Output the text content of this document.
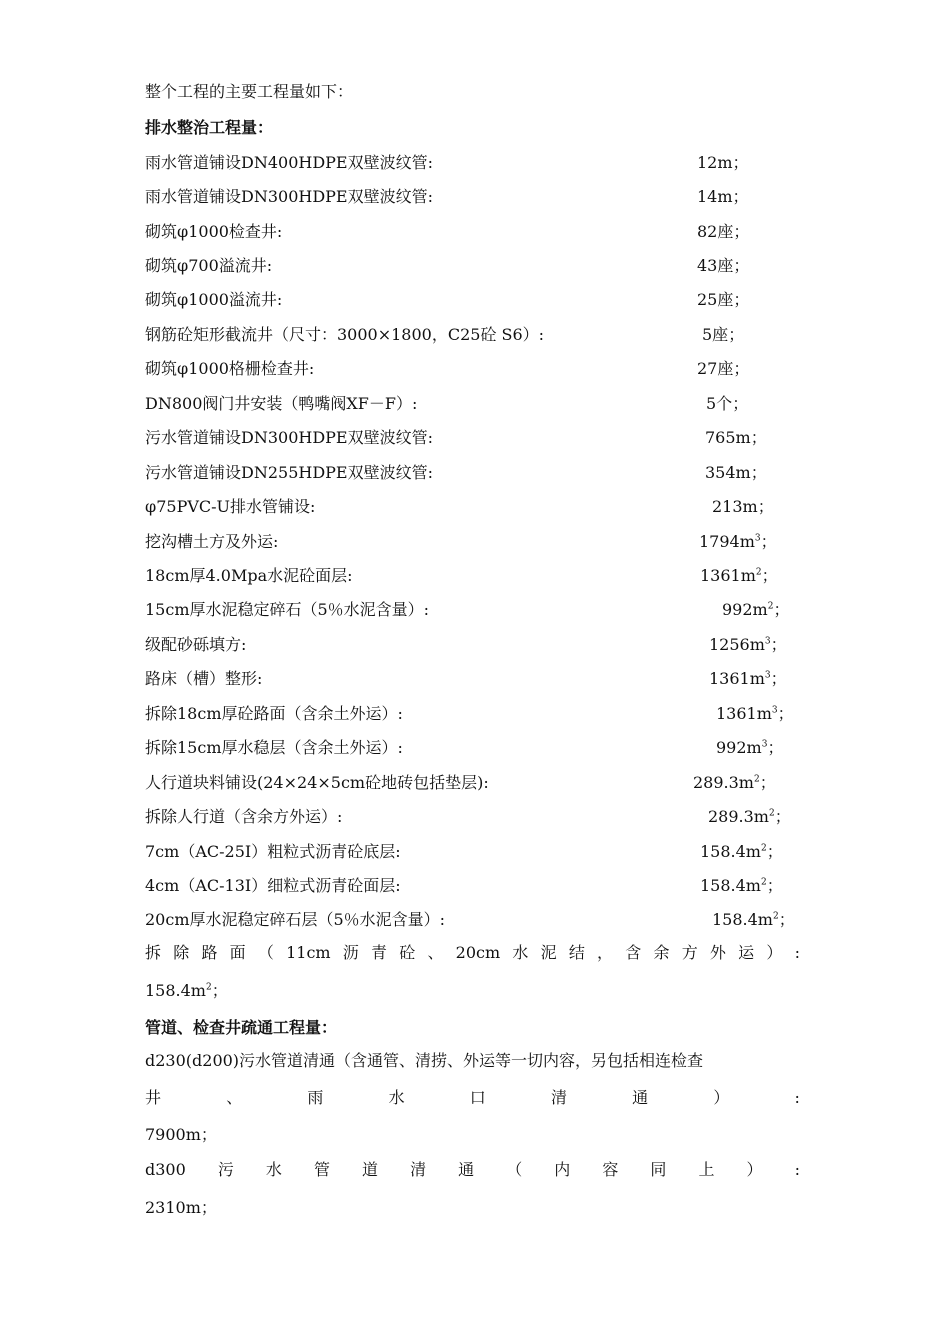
整个工程的主要工程量如下：
排水整治工程量：
雨水管道铺设DN400HDPE双壁波纹管:	12m；
雨水管道铺设DN300HDPE双壁波纹管:	14m；
砌筑φ1000检查井:	82座；
砌筑φ700溢流井:	43座；
砌筑φ1000溢流井:	25座；
钢筋砼矩形截流井（尺寸：3000×1800，C25砼 S6）:	5座；
砌筑φ1000格栅检查井:	27座；
DN800阀门井安装（鸭嘴阀XF－F）:	5个；
污水管道铺设DN300HDPE双壁波纹管:	765m；
污水管道铺设DN255HDPE双壁波纹管:	354m；
φ75PVC-U排水管铺设:	213m；
挖沟槽土方及外运:	$1794m^3$；
18cm厚4.0Mpa水泥砼面层:	$1361m^2$；
15cm厚水泥稳定碎石（5％水泥含量）:	$992m^2$；
级配砂砾填方:	$1256m^3$；
路床（槽）整形:	$1361m^3$；
拆除18cm厚砼路面（含余土外运）:	$1361m^3$；
拆除15cm厚水稳层（含余土外运）:	$992m^3$；
人行道块料铺设(24×24×5cm砼地砖包括垫层):	$289.3m^2$；
拆除人行道（含余方外运）:	$289.3m^2$；
7cm（AC-25Ⅰ）粗粒式沥青砼底层:	$158.4m^2$；
4cm（AC-13Ⅰ）细粒式沥青砼面层:	$158.4m^2$；
20cm厚水泥稳定碎石层（5％水泥含量）:	$158.4m^2$；
拆 除 路 面 （ 11cm 沥 青 砼 、 20cm 水 泥 结 ， 含 余 方 外 运 ） :
$158.4m^2$；
管道、检查井疏通工程量：
d230(d200)污水管道清通（含通管、清捞、外运等一切内容，另包括相连检查
井	、	雨	水	口	清	通	）	:
7900m；
d300 污 水 管 道 清 通 （ 内 容 同 上 ） :
2310m；
